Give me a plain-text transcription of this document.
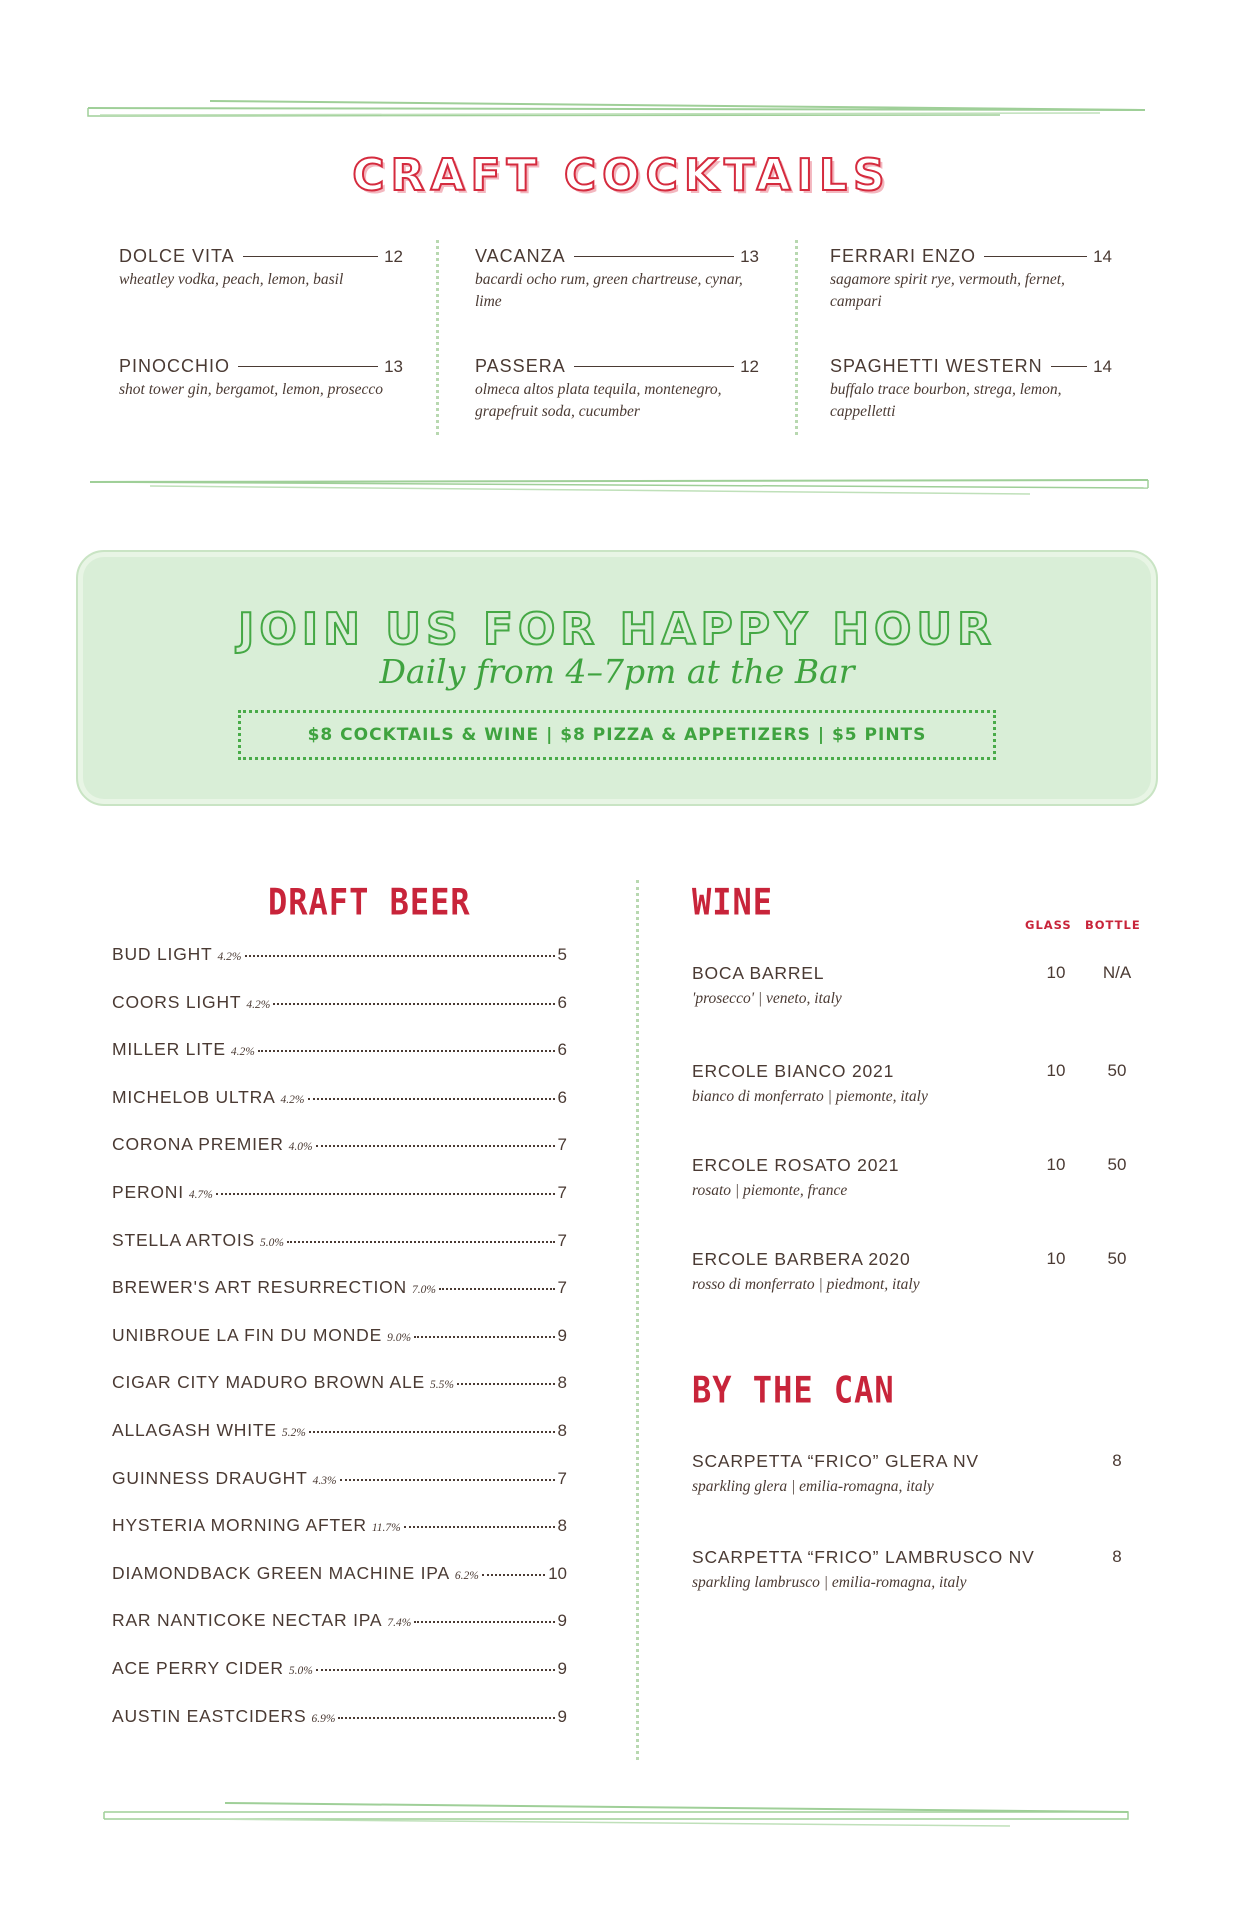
CRAFT COCKTAILS
DOLCE VITA	12
wheatley vodka, peach, lemon, basil
PINOCCHIO	13
shot tower gin, bergamot, lemon, prosecco
VACANZA	13
bacardi ocho rum, green chartreuse, cynar, lime
PASSERA	12
olmeca altos plata tequila, montenegro, grapefruit soda, cucumber
FERRARI ENZO	14
sagamore spirit rye, vermouth, fernet, campari
SPAGHETTI WESTERN	14
buffalo trace bourbon, strega, lemon, cappelletti
JOIN US FOR HAPPY HOUR
Daily from 4–7pm at the Bar
$8 COCKTAILS & WINE | $8 PIZZA & APPETIZERS | $5 PINTS
DRAFT BEER
BUD LIGHT 4.2%	5
COORS LIGHT 4.2%	6
MILLER LITE 4.2%	6
MICHELOB ULTRA 4.2%	6
CORONA PREMIER 4.0%	7
PERONI 4.7%	7
STELLA ARTOIS 5.0%	7
BREWER'S ART RESURRECTION 7.0%	7
UNIBROUE LA FIN DU MONDE 9.0%	9
CIGAR CITY MADURO BROWN ALE 5.5%	8
ALLAGASH WHITE 5.2%	8
GUINNESS DRAUGHT 4.3%	7
HYSTERIA MORNING AFTER 11.7%	8
DIAMONDBACK GREEN MACHINE IPA 6.2%	10
RAR NANTICOKE NECTAR IPA 7.4%	9
ACE PERRY CIDER 5.0%	9
AUSTIN EASTCIDERS 6.9%	9
WINE
GLASS BOTTLE
BOCA BARREL
'prosecco' | veneto, italy
10	N/A
ERCOLE BIANCO 2021
bianco di monferrato | piemonte, italy
10	50
ERCOLE ROSATO 2021
rosato | piemonte, france
10	50
ERCOLE BARBERA 2020
rosso di monferrato | piedmont, italy
10	50
BY THE CAN
SCARPETTA “FRICO” GLERA NV
sparkling glera | emilia-romagna, italy
8
SCARPETTA “FRICO” LAMBRUSCO NV
sparkling lambrusco | emilia-romagna, italy
8
